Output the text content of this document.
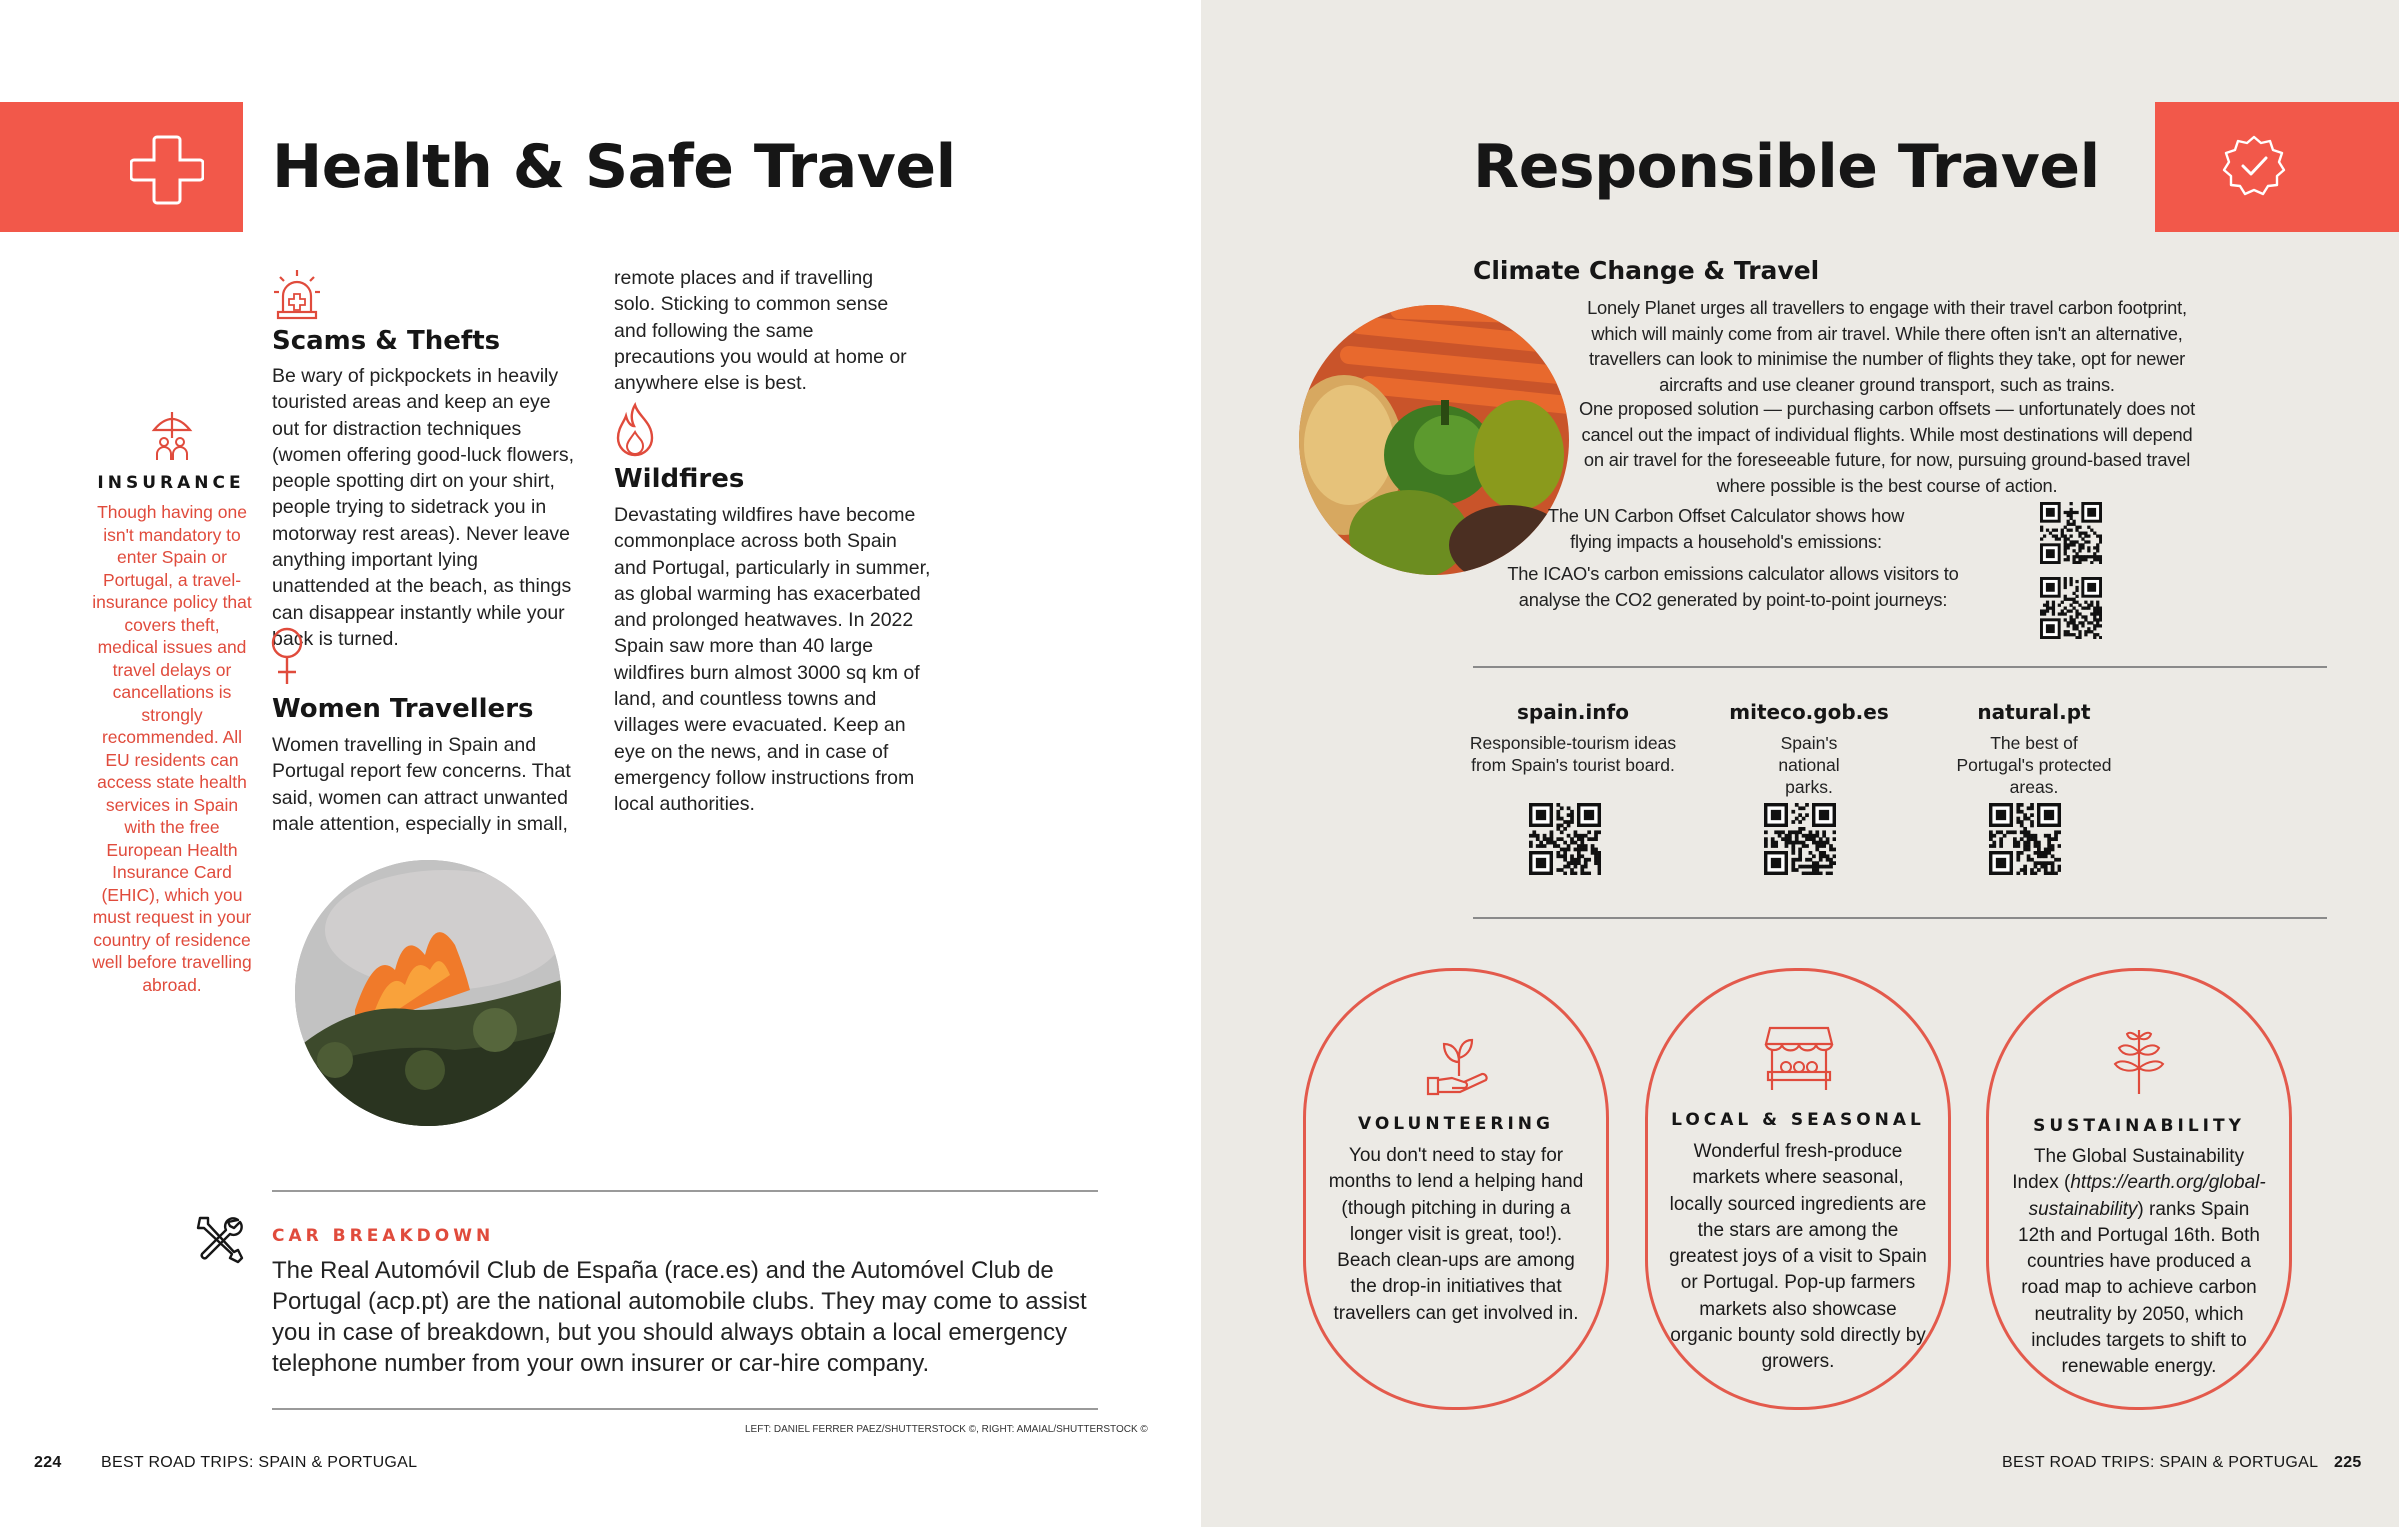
Health & Safe Travel
INSURANCE
Though having one isn't mandatory to enter Spain or Portugal, a travel-insurance policy that covers theft, medical issues and travel delays or cancellations is strongly recommended. All EU residents can access state health services in Spain with the free European Health Insurance Card (EHIC), which you must request in your country of residence well before travelling abroad.
Scams & Thefts
Be wary of pickpockets in heavily touristed areas and keep an eye out for distraction techniques (women offering good-luck flowers, people spotting dirt on your shirt, people trying to sidetrack you in motorway rest areas). Never leave anything important lying unattended at the beach, as things can disappear instantly while your back is turned.
Women Travellers
Women travelling in Spain and Portugal report few concerns. That said, women can attract unwanted male attention, especially in small,
remote places and if travelling solo. Sticking to common sense and following the same precautions you would at home or anywhere else is best.
Wildfires
Devastating wildfires have become commonplace across both Spain and Portugal, particularly in summer, as global warming has exacerbated and prolonged heatwaves. In 2022 Spain saw more than 40 large wildfires burn almost 3000 sq km of land, and countless towns and villages were evacuated. Keep an eye on the news, and in case of emergency follow instructions from local authorities.
CAR BREAKDOWN
The Real Automóvil Club de España (race.es) and the Automóvel Club de Portugal (acp.pt) are the national automobile clubs. They may come to assist you in case of breakdown, but you should always obtain a local emergency telephone number from your own insurer or car-hire company.
LEFT: DANIEL FERRER PAEZ/SHUTTERSTOCK ©, RIGHT: AMAIAL/SHUTTERSTOCK ©
224 BEST ROAD TRIPS: SPAIN & PORTUGAL
Responsible Travel
Climate Change & Travel
Lonely Planet urges all travellers to engage with their travel carbon footprint, which will mainly come from air travel. While there often isn't an alternative, travellers can look to minimise the number of flights they take, opt for newer aircrafts and use cleaner ground transport, such as trains.
One proposed solution — purchasing carbon offsets — unfortunately does not cancel out the impact of individual flights. While most destinations will depend on air travel for the foreseeable future, for now, pursuing ground-based travel where possible is the best course of action.
The UN Carbon Offset Calculator shows how flying impacts a household's emissions:
The ICAO's carbon emissions calculator allows visitors to analyse the CO2 generated by point-to-point journeys:
spain.info
Responsible-tourism ideas from Spain's tourist board.
miteco.gob.es
Spain's national parks.
natural.pt
The best of Portugal's protected areas.
VOLUNTEERING
You don't need to stay for months to lend a helping hand (though pitching in during a longer visit is great, too!). Beach clean-ups are among the drop-in initiatives that travellers can get involved in.
LOCAL & SEASONAL
Wonderful fresh-produce markets where seasonal, locally sourced ingredients are the stars are among the greatest joys of a visit to Spain or Portugal. Pop-up farmers markets also showcase organic bounty sold directly by growers.
SUSTAINABILITY
The Global Sustainability Index (https://earth.org/global-sustainability) ranks Spain 12th and Portugal 16th. Both countries have produced a road map to achieve carbon neutrality by 2050, which includes targets to shift to renewable energy.
BEST ROAD TRIPS: SPAIN & PORTUGAL 225
